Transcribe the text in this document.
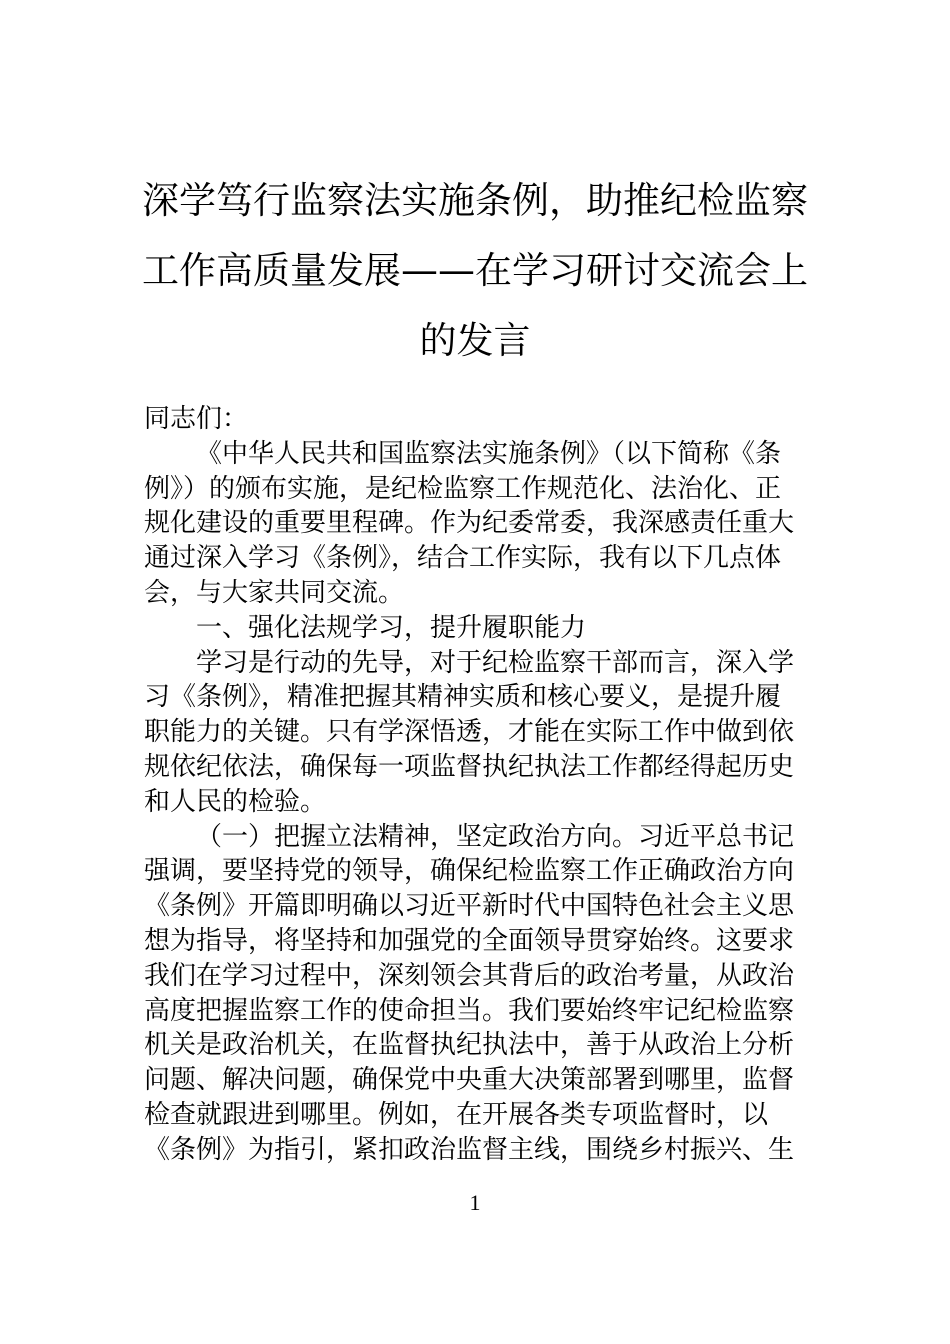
深学笃行监察法实施条例，助推纪检监察
工作高质量发展——在学习研讨交流会上
的发言
同志们：
《中华人民共和国监察法实施条例》（以下简称《条
例》）的颁布实施，是纪检监察工作规范化、法治化、正
规化建设的重要里程碑。作为纪委常委，我深感责任重大
通过深入学习《条例》，结合工作实际，我有以下几点体
会，与大家共同交流。
一、强化法规学习，提升履职能力
学习是行动的先导，对于纪检监察干部而言，深入学
习《条例》，精准把握其精神实质和核心要义，是提升履
职能力的关键。只有学深悟透，才能在实际工作中做到依
规依纪依法，确保每一项监督执纪执法工作都经得起历史
和人民的检验。
（一）把握立法精神，坚定政治方向。习近平总书记
强调，要坚持党的领导，确保纪检监察工作正确政治方向
《条例》开篇即明确以习近平新时代中国特色社会主义思
想为指导，将坚持和加强党的全面领导贯穿始终。这要求
我们在学习过程中，深刻领会其背后的政治考量，从政治
高度把握监察工作的使命担当。我们要始终牢记纪检监察
机关是政治机关，在监督执纪执法中，善于从政治上分析
问题、解决问题，确保党中央重大决策部署到哪里，监督
检查就跟进到哪里。例如，在开展各类专项监督时，以
《条例》为指引，紧扣政治监督主线，围绕乡村振兴、生
1
